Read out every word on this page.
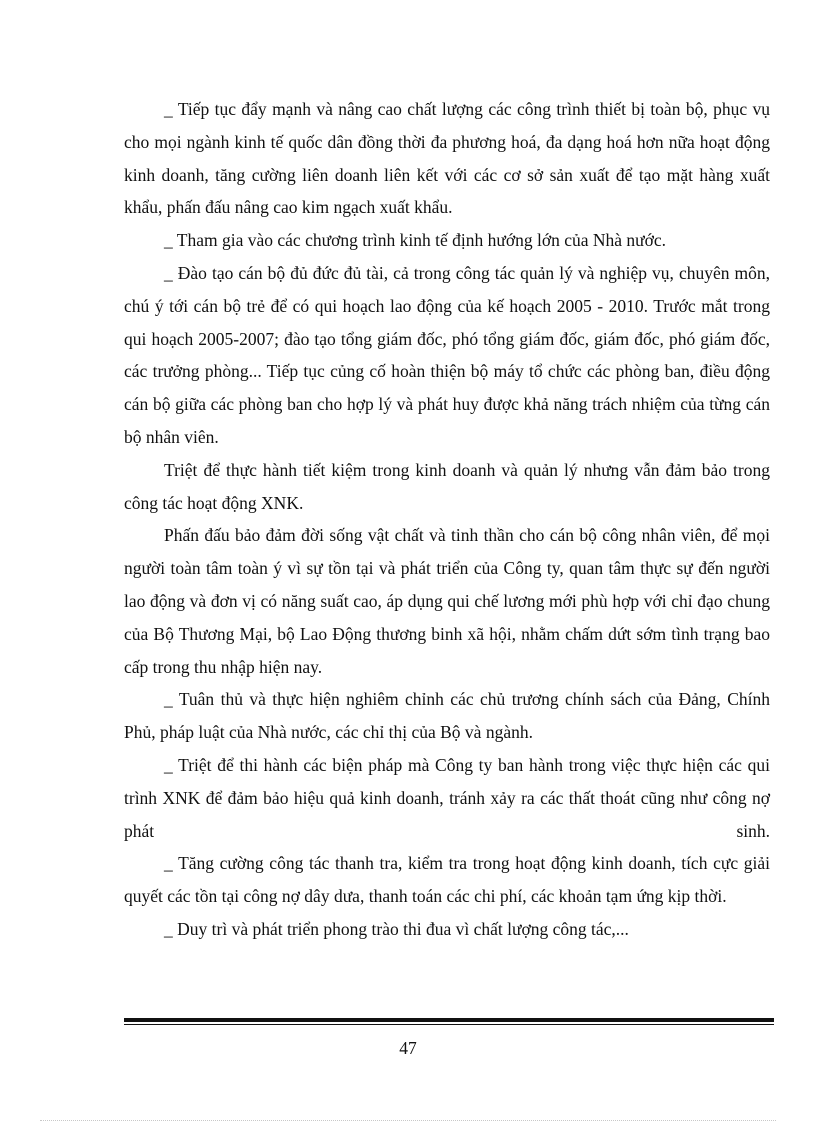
_ Tiếp tục đẩy mạnh và nâng cao chất lượng các công trình thiết bị toàn bộ, phục vụ cho mọi ngành kinh tế quốc dân đồng thời đa phương hoá, đa dạng hoá hơn nữa hoạt động kinh doanh, tăng cường liên doanh liên kết với các cơ sở sản xuất để tạo mặt hàng xuất khẩu, phấn đấu nâng cao kim ngạch xuất khẩu.

_ Tham gia vào các chương trình kinh tế định hướng lớn của Nhà nước.

_ Đào tạo cán bộ đủ đức đủ tài, cả trong công tác quản lý và nghiệp vụ, chuyên môn, chú ý tới cán bộ trẻ để có qui hoạch lao động của kế hoạch 2005 - 2010. Trước mắt trong qui hoạch 2005-2007; đào tạo tổng giám đốc, phó tổng giám đốc, giám đốc, phó giám đốc, các trưởng phòng... Tiếp tục củng cố hoàn thiện bộ máy tổ chức các phòng ban, điều động cán bộ giữa các phòng ban cho hợp lý và phát huy được khả năng trách nhiệm của từng cán bộ nhân viên.

Triệt để thực hành tiết kiệm trong kinh doanh và quản lý nhưng vẫn đảm bảo trong công tác hoạt động XNK.

Phấn đấu bảo đảm đời sống vật chất và tinh thần cho cán bộ công nhân viên, để mọi người toàn tâm toàn ý vì sự tồn tại và phát triển của Công ty, quan tâm thực sự đến người lao động và đơn vị có năng suất cao, áp dụng qui chế lương mới phù hợp với chỉ đạo chung của Bộ Thương Mại, bộ Lao Động thương binh xã hội, nhằm chấm dứt sớm tình trạng bao cấp trong thu nhập hiện nay.

_ Tuân thủ và thực hiện nghiêm chỉnh các chủ trương chính sách của Đảng, Chính Phủ, pháp luật của Nhà nước, các chỉ thị của Bộ và ngành.

_ Triệt để thi hành các biện pháp mà Công ty ban hành trong việc thực hiện các qui trình XNK để đảm bảo hiệu quả kinh doanh, tránh xảy ra các thất thoát cũng như công nợ phát sinh.

_ Tăng cường công tác thanh tra, kiểm tra trong hoạt động kinh doanh, tích cực giải quyết các tồn tại công nợ dây dưa, thanh toán các chi phí, các khoản tạm ứng kịp thời.

_ Duy trì và phát triển phong trào thi đua vì chất lượng công tác,...

47
